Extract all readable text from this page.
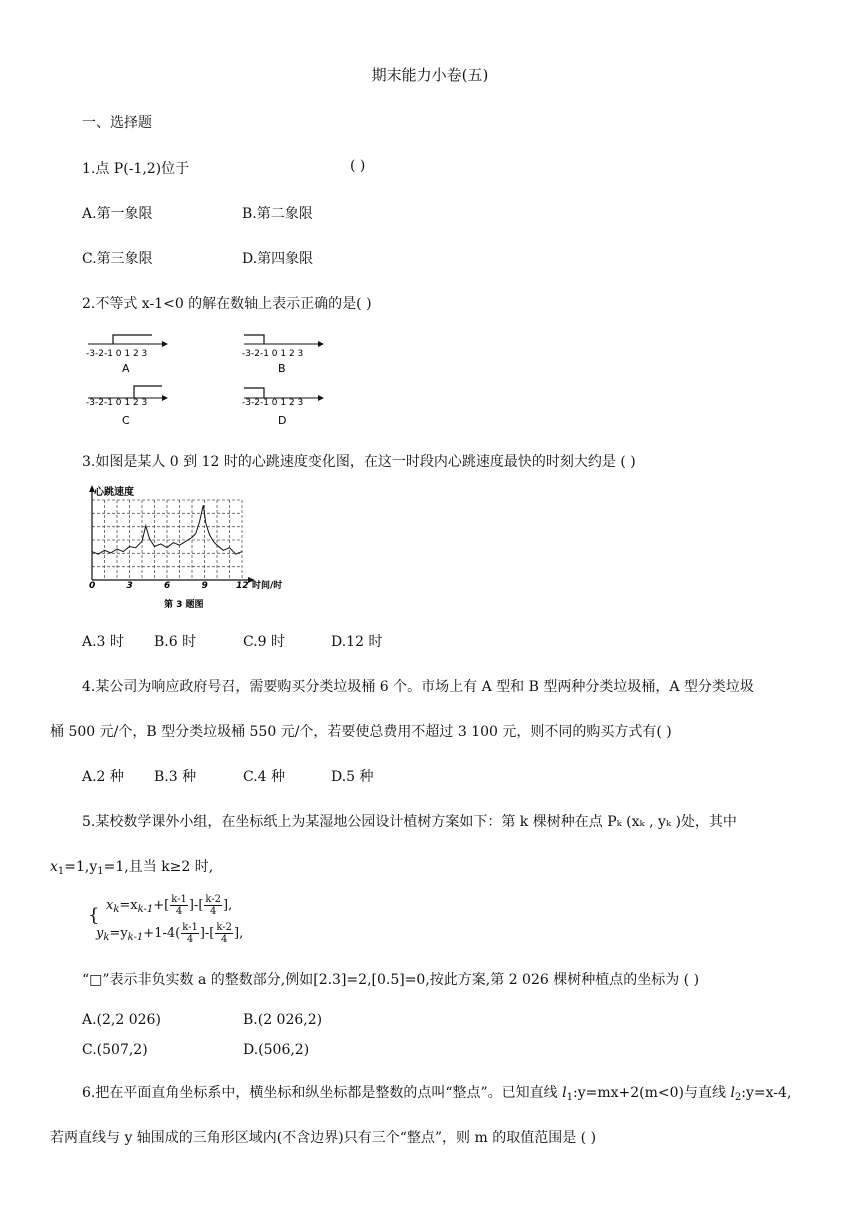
期末能力小卷(五)
一、选择题
1.点 P(-1,2)位于	( )
A.第一象限	B.第二象限
C.第三象限	D.第四象限
2.不等式 x-1<0 的解在数轴上表示正确的是( )
-3-2-1 0 1 2 3
A
-3-2-1 0 1 2 3
B
-3-2-1 0 1 2 3
C
-3-2-1 0 1 2 3
D
3.如图是某人 0 到 12 时的心跳速度变化图，在这一时段内心跳速度最快的时刻大约是 ( )
心跳速度
时间/时
0	3	6	9	12
第 3 题图
A.3 时 B.6 时	C.9 时	D.12 时
4.某公司为响应政府号召，需要购买分类垃圾桶 6 个。市场上有 A 型和 B 型两种分类垃圾桶，A 型分类垃圾
桶 500 元/个，B 型分类垃圾桶 550 元/个，若要使总费用不超过 3 100 元，则不同的购买方式有( )
A.2 种 B.3 种	C.4 种	D.5 种
5.某校数学课外小组，在坐标纸上为某湿地公园设计植树方案如下：第 k 棵树种在点 Pₖ (xₖ , yₖ )处，其中
$x_1=1,y_1=1$,且当 k≥2 时,
{ $x_k=x_{k-1}+[ \frac{k-1}{4}$ ]-[ $\frac{k-2}{4}$ ],
$y_k=y_{k-1}+1-4( \frac{k-1}{4}$ ]-[ $\frac{k-2}{4}$ ],
“□”表示非负实数 a 的整数部分,例如[2.3]=2,[0.5]=0,按此方案,第 2 026 棵树种植点的坐标为 ( )
A.(2,2 026)	B.(2 026,2)
C.(507,2)	D.(506,2)
6.把在平面直角坐标系中，横坐标和纵坐标都是整数的点叫“整点”。已知直线 $l_1:y=mx+2(m<0)$与直线 $l_2:y=x-4$,
若两直线与 y 轴围成的三角形区域内(不含边界)只有三个“整点”，则 m 的取值范围是 ( )
